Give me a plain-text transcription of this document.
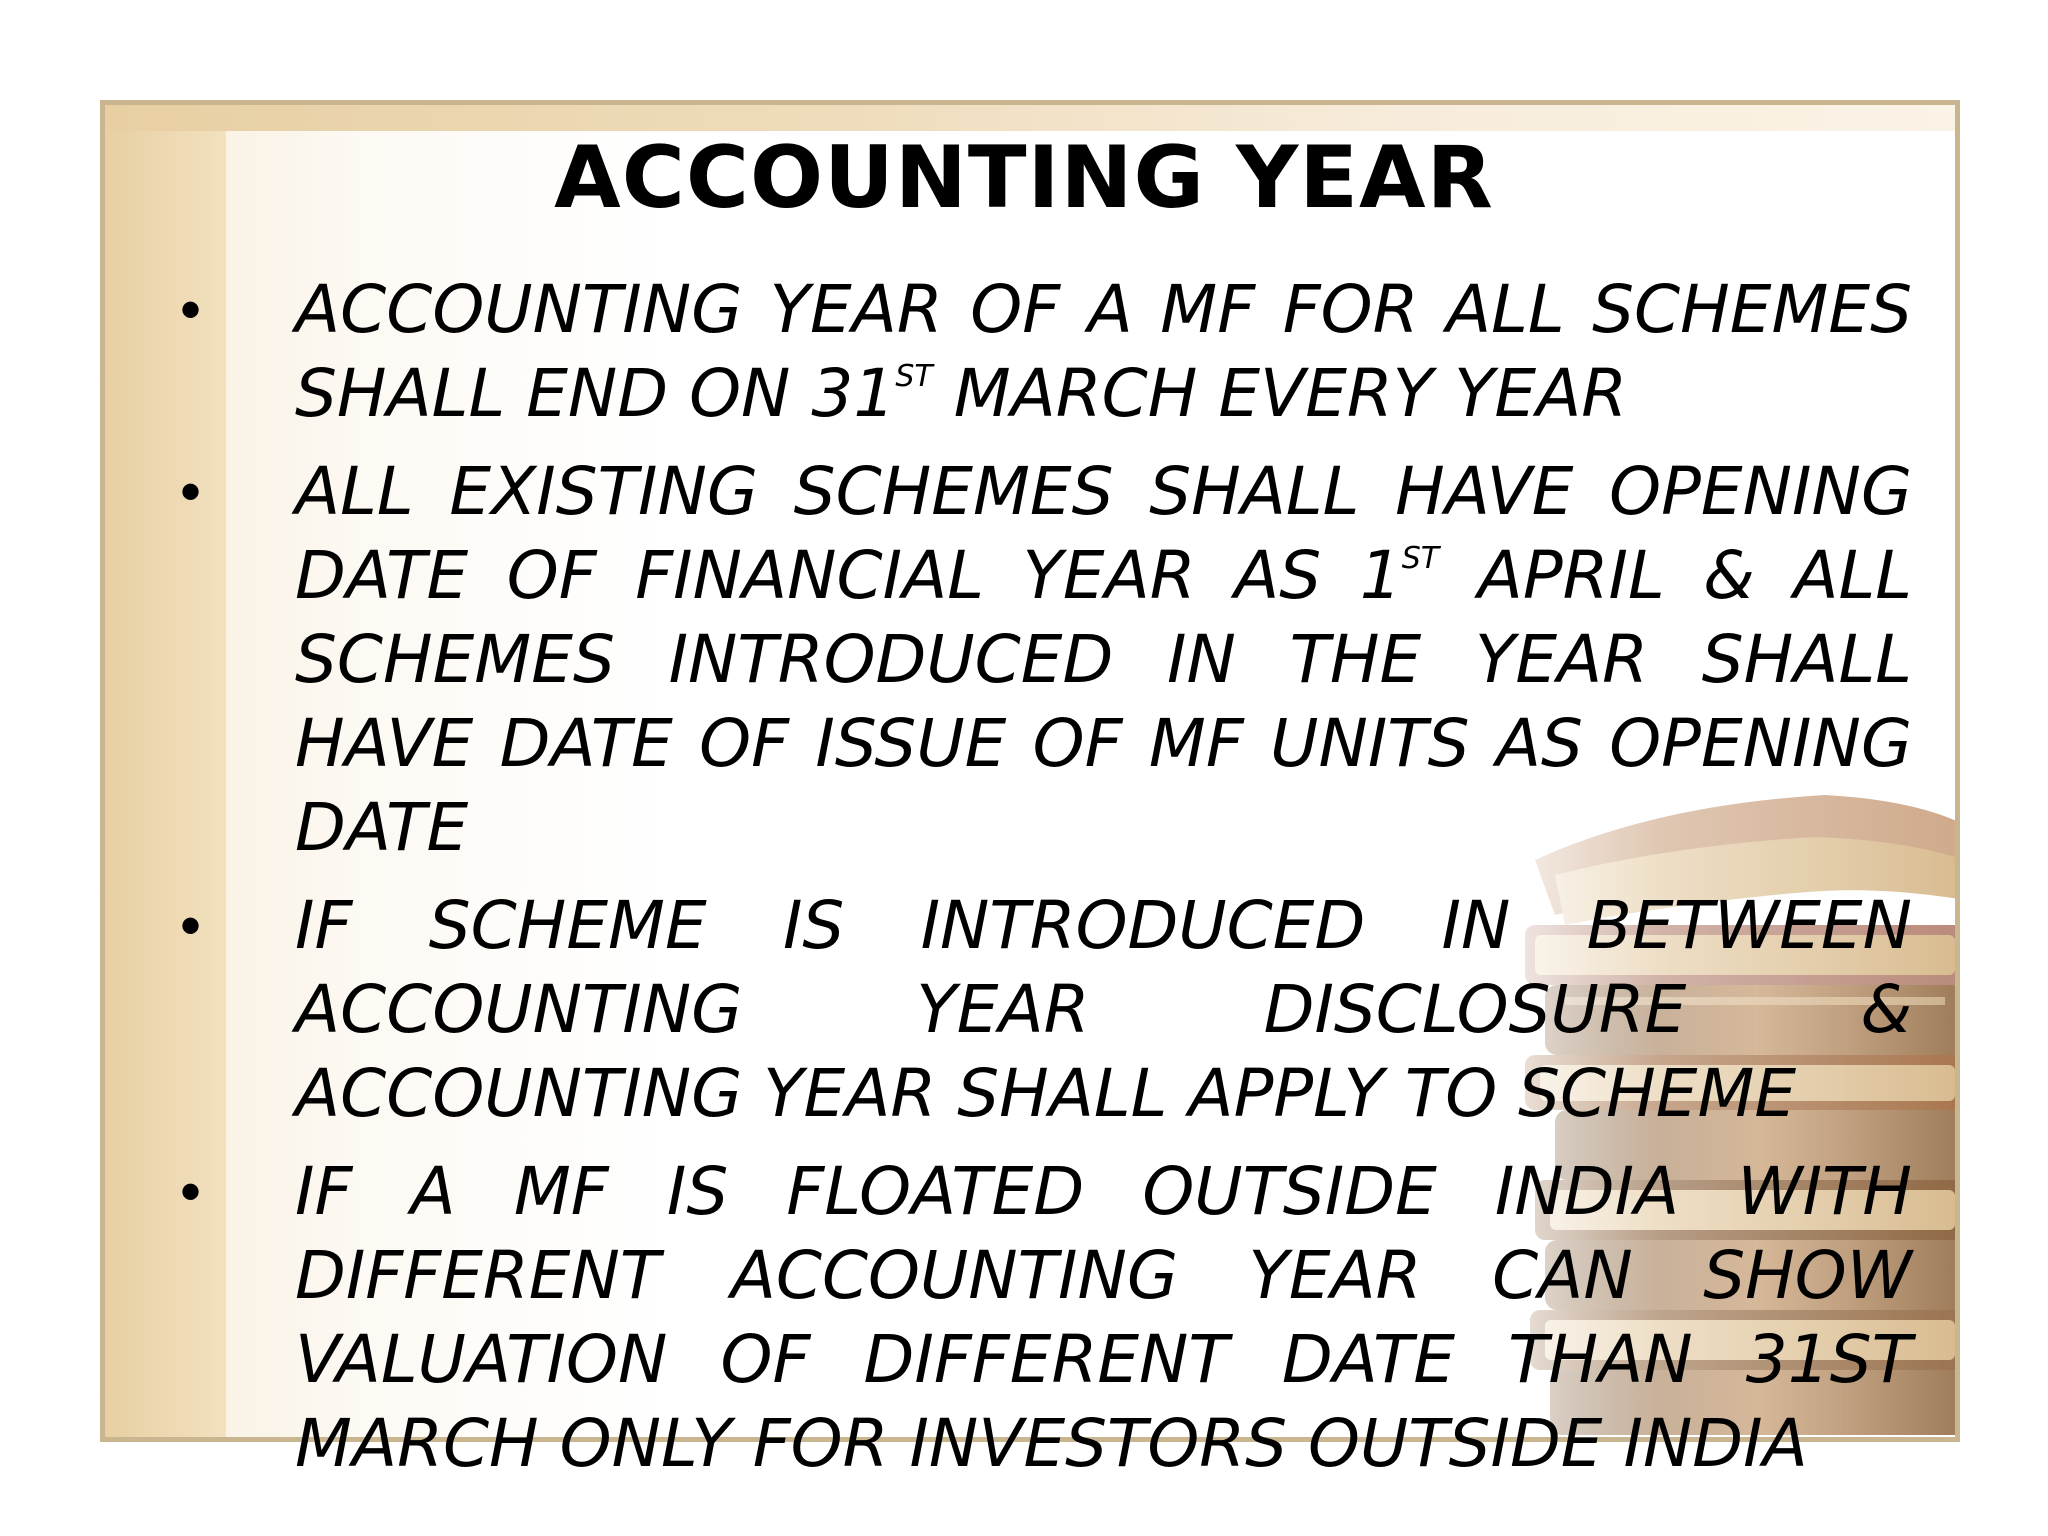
ACCOUNTING YEAR
• ACCOUNTING YEAR OF A MF FOR ALL SCHEMES SHALL END ON 31ST MARCH EVERY YEAR
• ALL EXISTING SCHEMES SHALL HAVE OPENING DATE OF FINANCIAL YEAR AS 1ST APRIL & ALL SCHEMES INTRODUCED IN THE YEAR SHALL HAVE DATE OF ISSUE OF MF UNITS AS OPENING DATE
• IF SCHEME IS INTRODUCED IN BETWEEN ACCOUNTING YEAR DISCLOSURE & ACCOUNTING YEAR SHALL APPLY TO SCHEME
• IF A MF IS FLOATED OUTSIDE INDIA WITH DIFFERENT ACCOUNTING YEAR CAN SHOW VALUATION OF DIFFERENT DATE THAN 31ST MARCH ONLY FOR INVESTORS OUTSIDE INDIA
